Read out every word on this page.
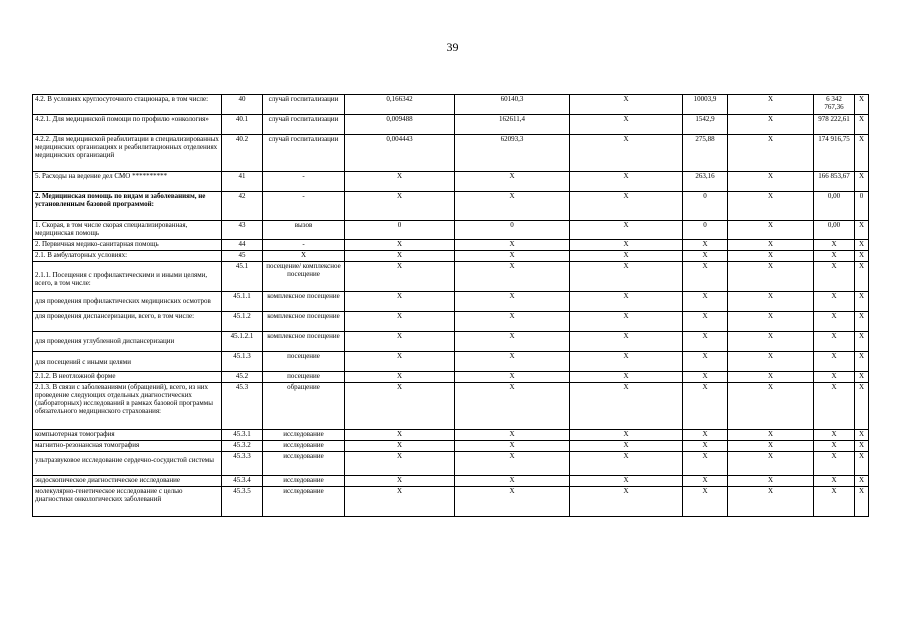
39
4.2. В условиях круглосуточного стационара, в том числе:	40	случай госпитализации	0,166342	60140,3	X	10003,9	X	6 342 767,36	X
4.2.1. Для медицинской помощи по профилю «онкология»	40.1	случай госпитализации	0,009488	162611,4	X	1542,9	X	978 222,61	X
4.2.2. Для медицинской реабилитации в специализированных медицинских организациях и реабилитационных отделениях медицинских организаций	40.2	случай госпитализации	0,004443	62093,3	X	275,88	X	174 916,75	X
5. Расходы на ведение дел СМО **********	41	-	X	X	X	263,16	X	166 853,67	X
2. Медицинская помощь по видам и заболеваниям, не установленным базовой программой:	42	-	X	X	X	0	X	0,00	0
1. Скорая, в том числе скорая специализированная, медицинская помощь	43	вызов	0	0	X	0	X	0,00	X
2. Первичная медико-санитарная помощь	44	-	X	X	X	X	X	X	X
2.1. В амбулаторных условиях:	45	X	X	X	X	X	X	X	X
2.1.1. Посещения с профилактическими и иными целями, всего, в том числе:	45.1	посещение/ комплексное посещение	X	X	X	X	X	X	X
для проведения профилактических медицинских осмотров	45.1.1	комплексное посещение	X	X	X	X	X	X	X
для проведения диспансеризации, всего, в том числе:	45.1.2	комплексное посещение	X	X	X	X	X	X	X
для проведения углубленной диспансеризации	45.1.2.1	комплексное посещение	X	X	X	X	X	X	X
для посещений с иными целями	45.1.3	посещение	X	X	X	X	X	X	X
2.1.2. В неотложной форме	45.2	посещение	X	X	X	X	X	X	X
2.1.3. В связи с заболеваниями (обращений), всего, из них проведение следующих отдельных диагностических (лабораторных) исследований в рамках базовой программы обязательного медицинского страхования:	45.3	обращение	X	X	X	X	X	X	X
компьютерная томография	45.3.1	исследование	X	X	X	X	X	X	X
магнитно-резонансная томография	45.3.2	исследование	X	X	X	X	X	X	X
ультразвуковое исследование сердечно-сосудистой системы	45.3.3	исследование	X	X	X	X	X	X	X
эндоскопическое диагностическое исследование	45.3.4	исследование	X	X	X	X	X	X	X
молекулярно-генетическое исследование с целью диагностики онкологических заболеваний	45.3.5	исследование	X	X	X	X	X	X	X
